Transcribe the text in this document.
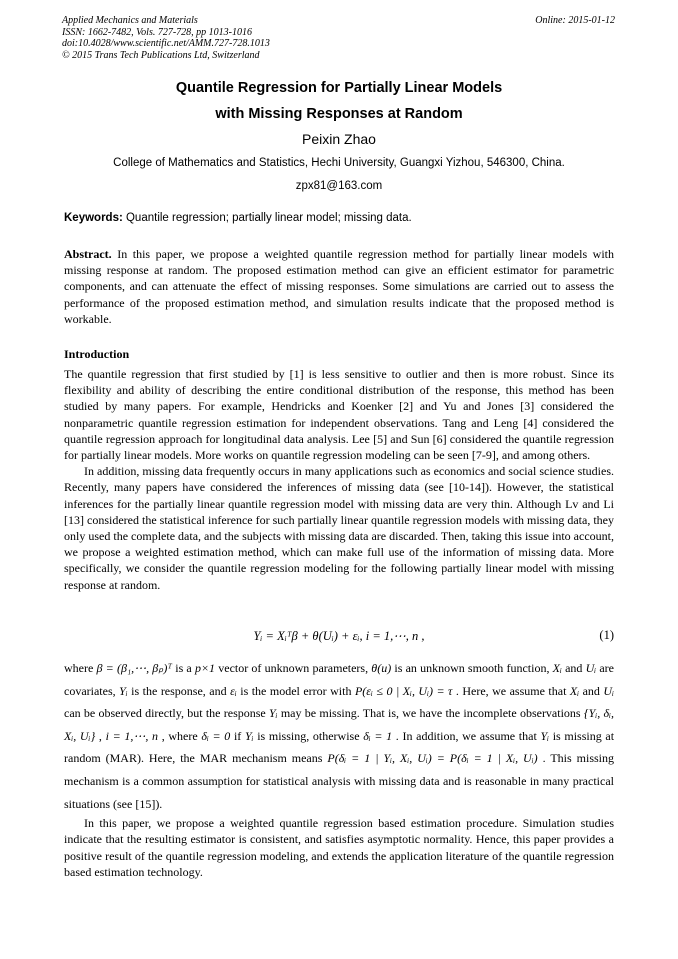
Applied Mechanics and Materials
ISSN: 1662-7482, Vols. 727-728, pp 1013-1016
doi:10.4028/www.scientific.net/AMM.727-728.1013
© 2015 Trans Tech Publications Ltd, Switzerland
Online: 2015-01-12
Quantile Regression for Partially Linear Models
with Missing Responses at Random
Peixin Zhao
College of Mathematics and Statistics, Hechi University, Guangxi Yizhou, 546300, China.
zpx81@163.com
Keywords: Quantile regression; partially linear model; missing data.
Abstract. In this paper, we propose a weighted quantile regression method for partially linear models with missing response at random. The proposed estimation method can give an efficient estimator for parametric components, and can attenuate the effect of missing responses. Some simulations are carried out to assess the performance of the proposed estimation method, and simulation results indicate that the proposed method is workable.
Introduction

The quantile regression that first studied by [1] is less sensitive to outlier and then is more robust. Since its flexibility and ability of describing the entire conditional distribution of the response, this method has been studied by many papers. For example, Hendricks and Koenker [2] and Yu and Jones [3] considered the nonparametric quantile regression estimation for independent observations. Tang and Leng [4] considered the quantile regression approach for longitudinal data analysis. Lee [5] and Sun [6] considered the quantile regression for partially linear models. More works on quantile regression modeling can be seen [7-9], and among others.

In addition, missing data frequently occurs in many applications such as economics and social science studies. Recently, many papers have considered the inferences of missing data (see [10-14]). However, the statistical inferences for the partially linear quantile regression model with missing data are very thin. Although Lv and Li [13] considered the statistical inference for such partially linear quantile regression models with missing data, they only used the complete data, and the subjects with missing data are discarded. Then, taking this issue into account, we propose a weighted estimation method, which can make full use of the information of missing data. More specifically, we consider the quantile regression modeling for the following partially linear model with missing response at random.

Yᵢ = Xᵢᵀβ + θ(Uᵢ) + εᵢ, i = 1,⋯, n ,	(1)

where β = (β₁,⋯, βₚ)ᵀ is a p×1 vector of unknown parameters, θ(u) is an unknown smooth function, Xᵢ and Uᵢ are covariates, Yᵢ is the response, and εᵢ is the model error with P(εᵢ ≤ 0 | Xᵢ, Uᵢ) = τ . Here, we assume that Xᵢ and Uᵢ can be observed directly, but the response Yᵢ may be missing. That is, we have the incomplete observations {Yᵢ, δᵢ, Xᵢ, Uᵢ} , i = 1,⋯, n , where δᵢ = 0 if Yᵢ is missing, otherwise δᵢ = 1 . In addition, we assume that Yᵢ is missing at random (MAR). Here, the MAR mechanism means P(δᵢ = 1 | Yᵢ, Xᵢ, Uᵢ) = P(δᵢ = 1 | Xᵢ, Uᵢ) . This missing mechanism is a common assumption for statistical analysis with missing data and is reasonable in many practical situations (see [15]).

In this paper, we propose a weighted quantile regression based estimation procedure. Simulation studies indicate that the resulting estimator is consistent, and satisfies asymptotic normality. Hence, this paper provides a positive result of the quantile regression modeling, and extends the application literature of the quantile regression based estimation technology.
